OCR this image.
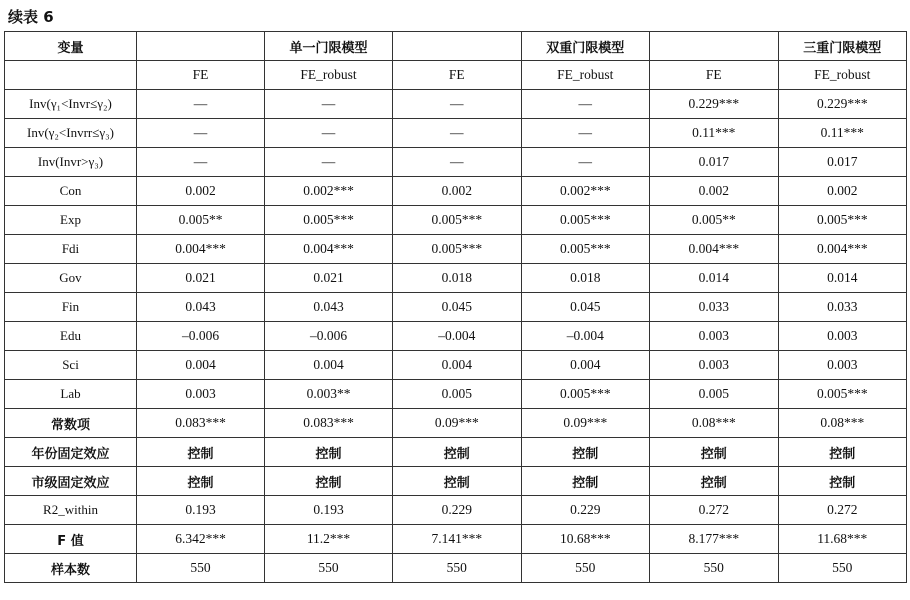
续表 6
变量		单一门限模型		双重门限模型		三重门限模型
	FE	FE_robust	FE	FE_robust	FE	FE_robust
Inv(γ₁<Invr≤γ₂)	—	—	—	—	0.229***	0.229***
Inv(γ₂<Invrr≤γ₃)	—	—	—	—	0.11***	0.11***
Inv(Invr>γ₃)	—	—	—	—	0.017	0.017
Con	0.002	0.002***	0.002	0.002***	0.002	0.002
Exp	0.005**	0.005***	0.005***	0.005***	0.005**	0.005***
Fdi	0.004***	0.004***	0.005***	0.005***	0.004***	0.004***
Gov	0.021	0.021	0.018	0.018	0.014	0.014
Fin	0.043	0.043	0.045	0.045	0.033	0.033
Edu	–0.006	–0.006	–0.004	–0.004	0.003	0.003
Sci	0.004	0.004	0.004	0.004	0.003	0.003
Lab	0.003	0.003**	0.005	0.005***	0.005	0.005***
常数项	0.083***	0.083***	0.09***	0.09***	0.08***	0.08***
年份固定效应	控制	控制	控制	控制	控制	控制
市级固定效应	控制	控制	控制	控制	控制	控制
R2_within	0.193	0.193	0.229	0.229	0.272	0.272
F 值	6.342***	11.2***	7.141***	10.68***	8.177***	11.68***
样本数	550	550	550	550	550	550
